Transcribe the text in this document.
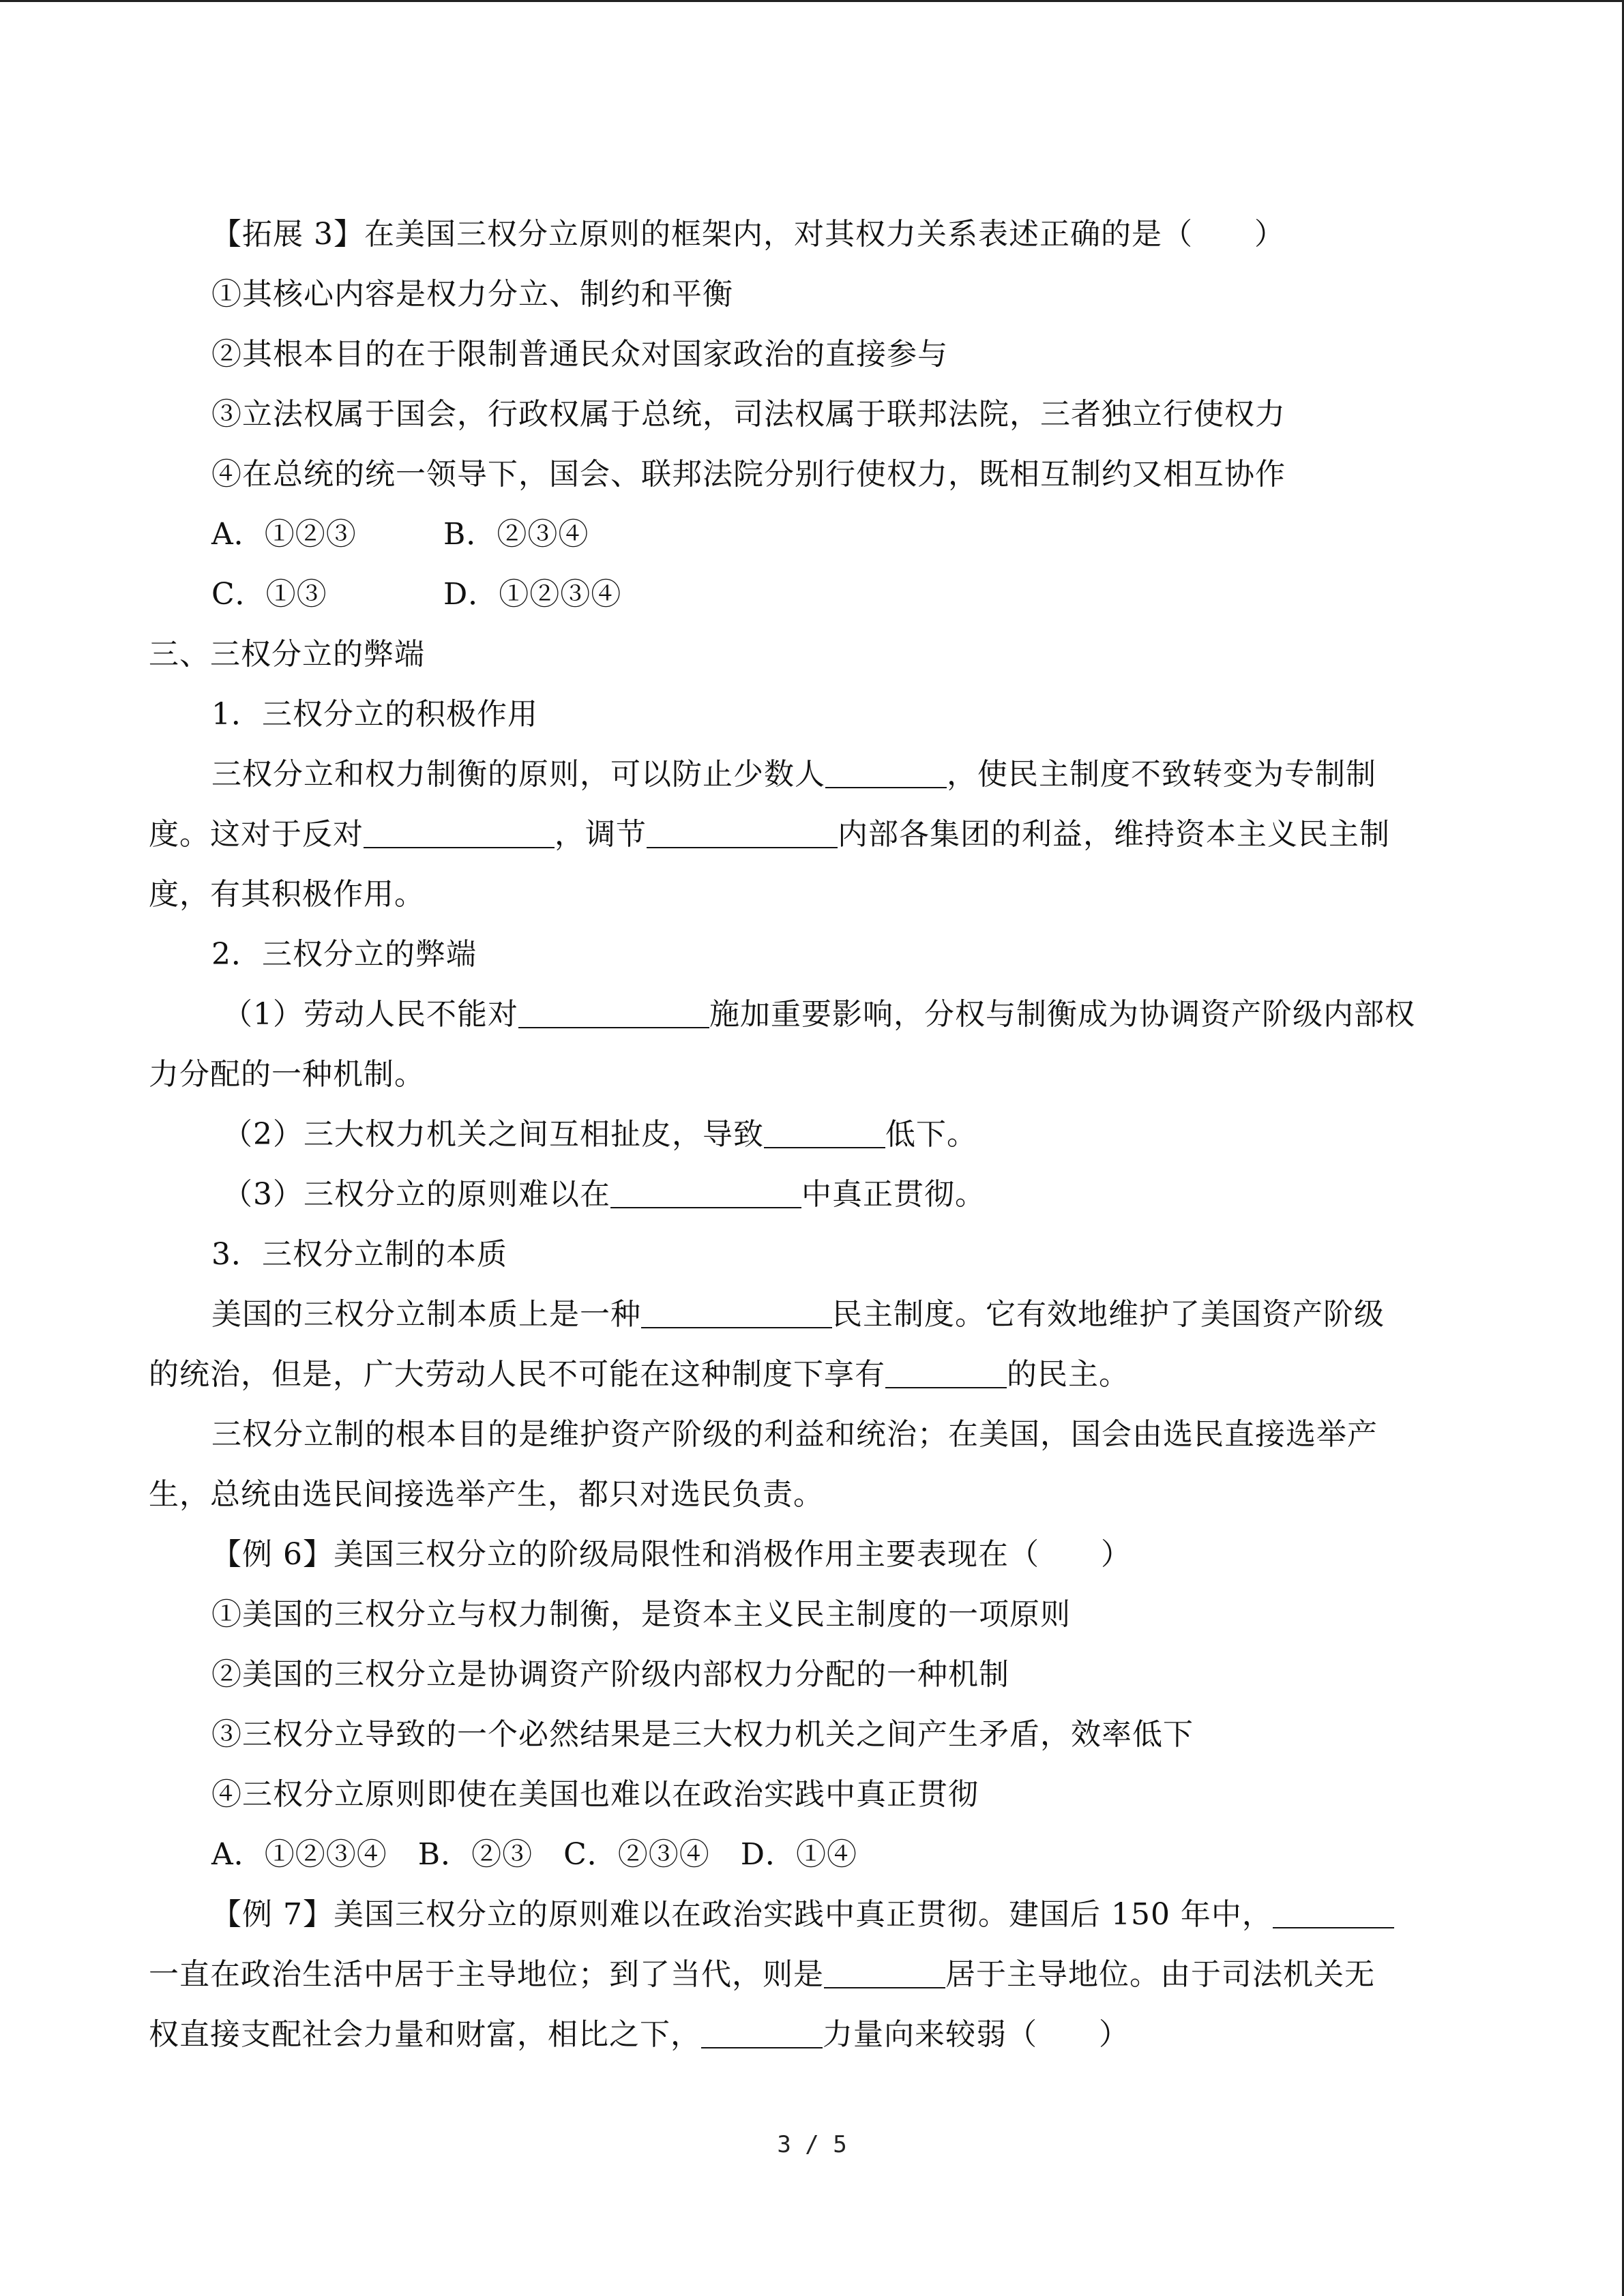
【拓展 3】在美国三权分立原则的框架内，对其权力关系表述正确的是（　　）
①其核心内容是权力分立、制约和平衡
②其根本目的在于限制普通民众对国家政治的直接参与
③立法权属于国会，行政权属于总统，司法权属于联邦法院，三者独立行使权力
④在总统的统一领导下，国会、联邦法院分别行使权力，既相互制约又相互协作
A．①②③	B．②③④
C．①③	D．①②③④
三、三权分立的弊端
1．三权分立的积极作用
三权分立和权力制衡的原则，可以防止少数人	，使民主制度不致转变为专制制
度。这对于反对	，调节	内部各集团的利益，维持资本主义民主制
度，有其积极作用。
2．三权分立的弊端
（1）劳动人民不能对	施加重要影响，分权与制衡成为协调资产阶级内部权
力分配的一种机制。
（2）三大权力机关之间互相扯皮，导致	低下。
（3）三权分立的原则难以在	中真正贯彻。
3．三权分立制的本质
美国的三权分立制本质上是一种	民主制度。它有效地维护了美国资产阶级
的统治，但是，广大劳动人民不可能在这种制度下享有	的民主。
三权分立制的根本目的是维护资产阶级的利益和统治；在美国，国会由选民直接选举产
生，总统由选民间接选举产生，都只对选民负责。
【例 6】美国三权分立的阶级局限性和消极作用主要表现在（　　）
①美国的三权分立与权力制衡，是资本主义民主制度的一项原则
②美国的三权分立是协调资产阶级内部权力分配的一种机制
③三权分立导致的一个必然结果是三大权力机关之间产生矛盾，效率低下
④三权分立原则即使在美国也难以在政治实践中真正贯彻
A．①②③④　B．②③　C．②③④　D．①④
【例 7】美国三权分立的原则难以在政治实践中真正贯彻。建国后 150 年中，
一直在政治生活中居于主导地位；到了当代，则是	居于主导地位。由于司法机关无
权直接支配社会力量和财富，相比之下，	力量向来较弱（　　）
3 / 5
